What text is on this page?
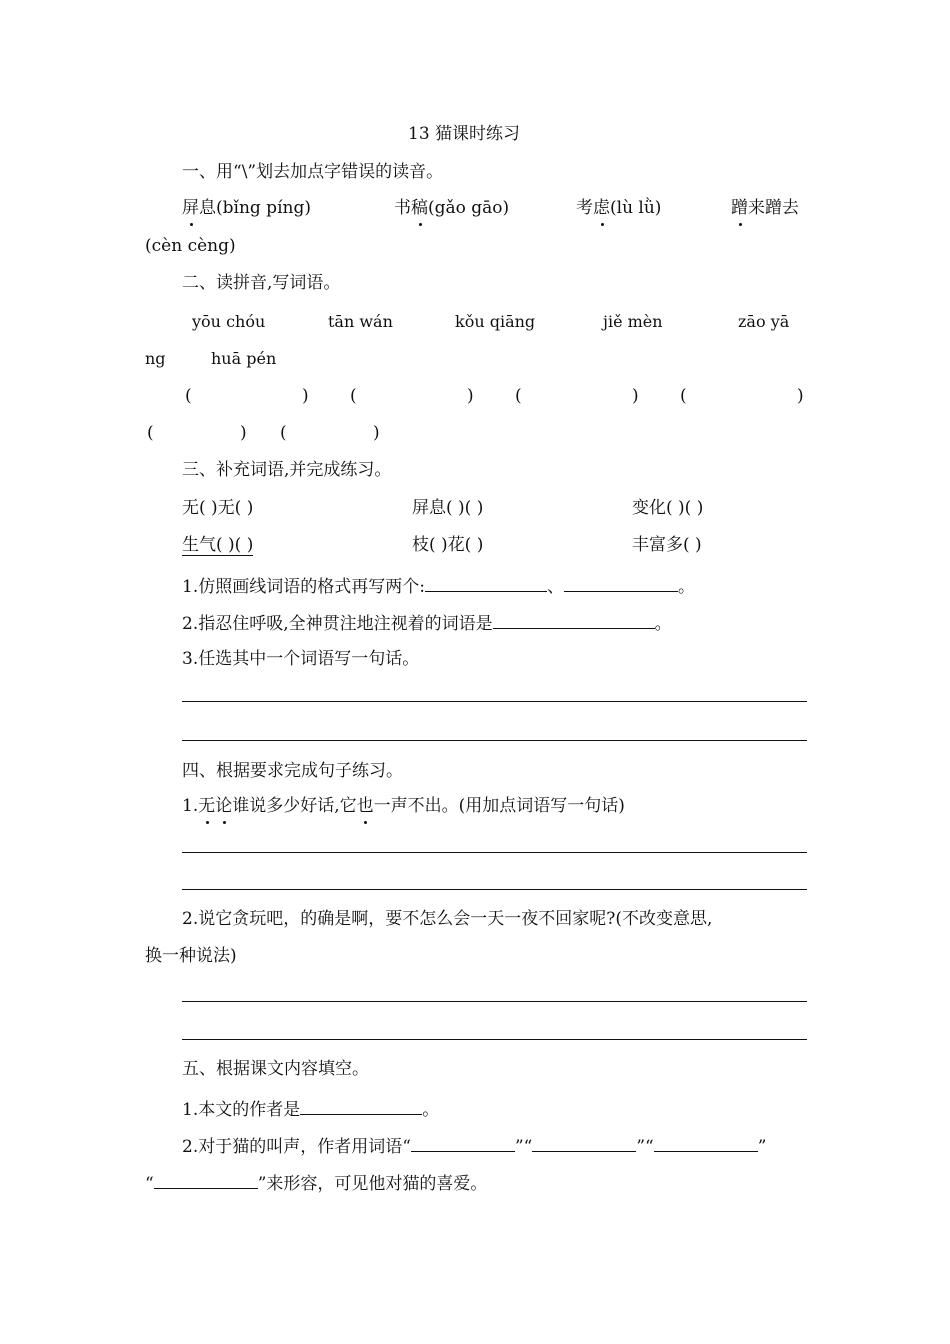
13 猫课时练习
一、用“\”划去加点字错误的读音。
屏息(bǐng píng)	书稿(gǎo gāo)	考虑(lù lǜ)	蹭来蹭去
(cèn cèng)
二、读拼音,写词语。
yōu chóu	tān wán	kǒu qiāng	jiě mèn	zāo yā
ng	huā pén
(	) (	) (	) (	)
(	) (	)
三、补充词语,并完成练习。
无( )无( )	屏息( )( )	变化( )( )
生气( )( )	枝( )花( )	丰富多( )
1.仿照画线词语的格式再写两个:	、	。
2.指忍住呼吸,全神贯注地注视着的词语是	。
3.任选其中一个词语写一句话。
四、根据要求完成句子练习。
1.无论谁说多少好话,它也一声不出。(用加点词语写一句话)
2.说它贪玩吧，的确是啊，要不怎么会一天一夜不回家呢?(不改变意思,
换一种说法)
五、根据课文内容填空。
1.本文的作者是	。
2.对于猫的叫声，作者用词语“	”“	”“	”
“	”来形容，可见他对猫的喜爱。
